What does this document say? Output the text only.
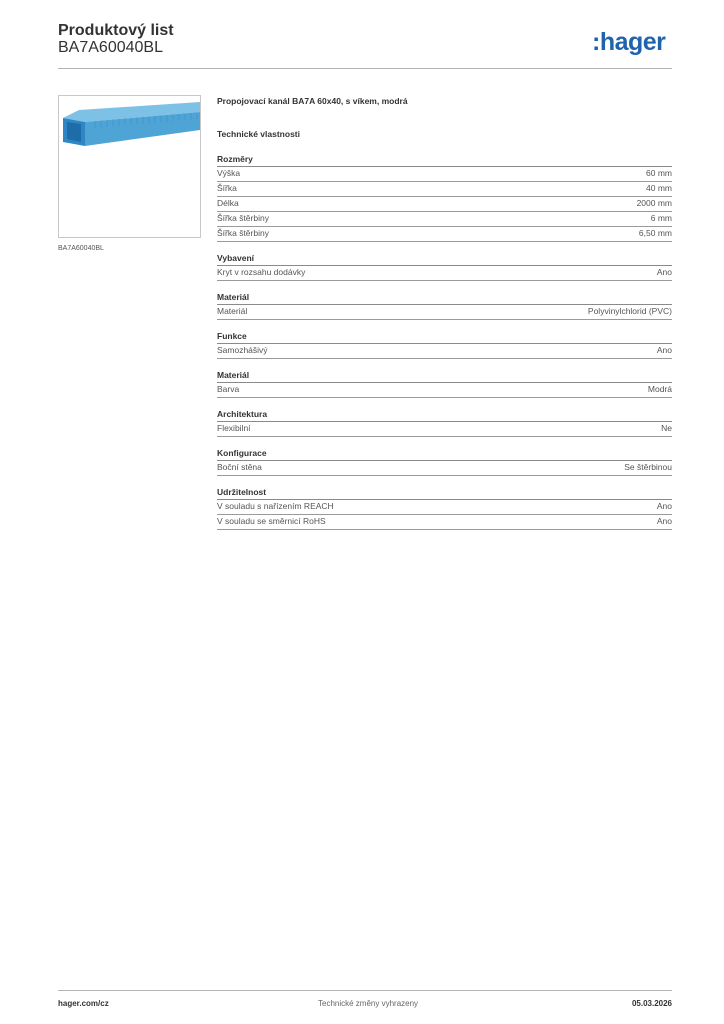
Produktový list
BA7A60040BL	:hager
BA7A60040BL
Propojovací kanál BA7A 60x40, s víkem, modrá
Technické vlastnosti
Rozměry
Výška	60 mm
Šířka	40 mm
Délka	2000 mm
Šířka štěrbiny	6 mm
Šířka štěrbiny	6,50 mm
Vybavení
Kryt v rozsahu dodávky	Ano
Materiál
Materiál	Polyvinylchlorid (PVC)
Funkce
Samozhášivý	Ano
Materiál
Barva	Modrá
Architektura
Flexibilní	Ne
Konfigurace
Boční stěna	Se štěrbinou
Udržitelnost
V souladu s nařízením REACH	Ano
V souladu se směrnicí RoHS	Ano
hager.com/cz	Technické změny vyhrazeny	05.03.2026
